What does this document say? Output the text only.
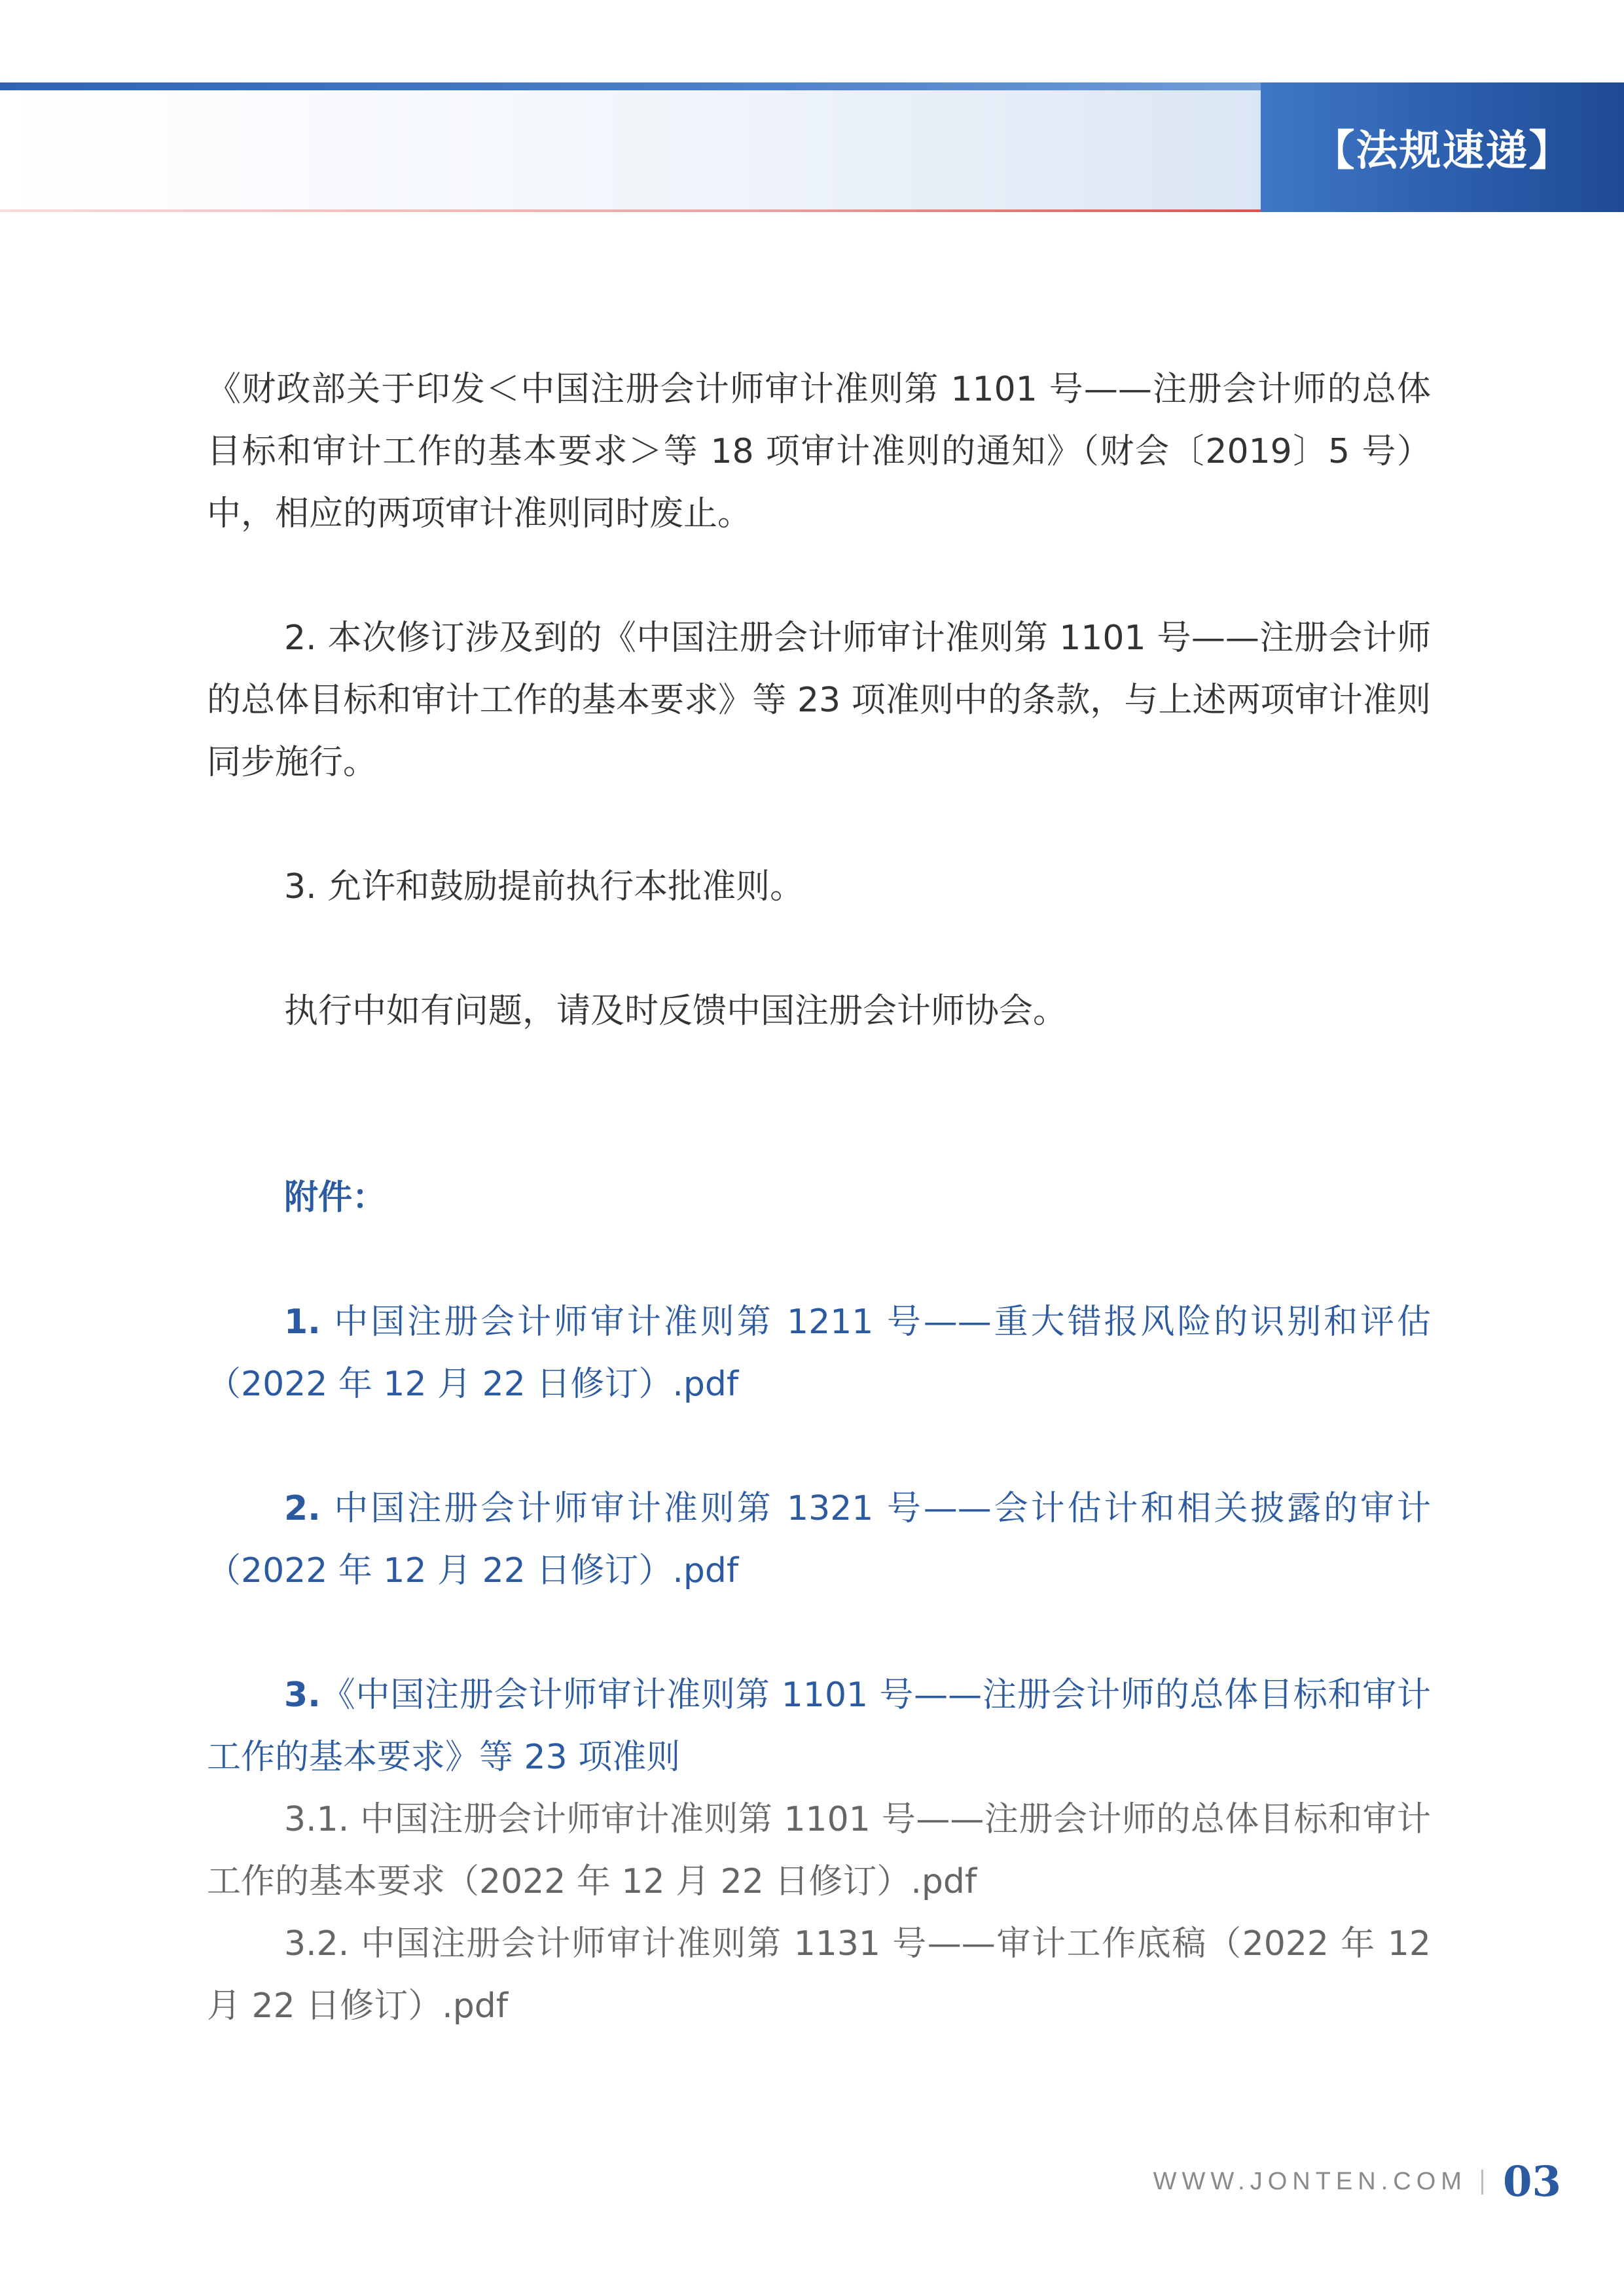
【法规速递】

《财政部关于印发＜中国注册会计师审计准则第 1101 号——注册会计师的总体目标和审计工作的基本要求＞等 18 项审计准则的通知》（财会〔2019〕5 号）中，相应的两项审计准则同时废止。

2. 本次修订涉及到的《中国注册会计师审计准则第 1101 号——注册会计师的总体目标和审计工作的基本要求》等 23 项准则中的条款，与上述两项审计准则同步施行。

3. 允许和鼓励提前执行本批准则。

执行中如有问题，请及时反馈中国注册会计师协会。

附件：

1. 中国注册会计师审计准则第 1211 号——重大错报风险的识别和评估（2022 年 12 月 22 日修订）.pdf

2. 中国注册会计师审计准则第 1321 号——会计估计和相关披露的审计（2022 年 12 月 22 日修订）.pdf

3.《中国注册会计师审计准则第 1101 号——注册会计师的总体目标和审计工作的基本要求》等 23 项准则

3.1. 中国注册会计师审计准则第 1101 号——注册会计师的总体目标和审计工作的基本要求（2022 年 12 月 22 日修订）.pdf

3.2. 中国注册会计师审计准则第 1131 号——审计工作底稿（2022 年 12 月 22 日修订）.pdf

WWW.JONTEN.COM 03
